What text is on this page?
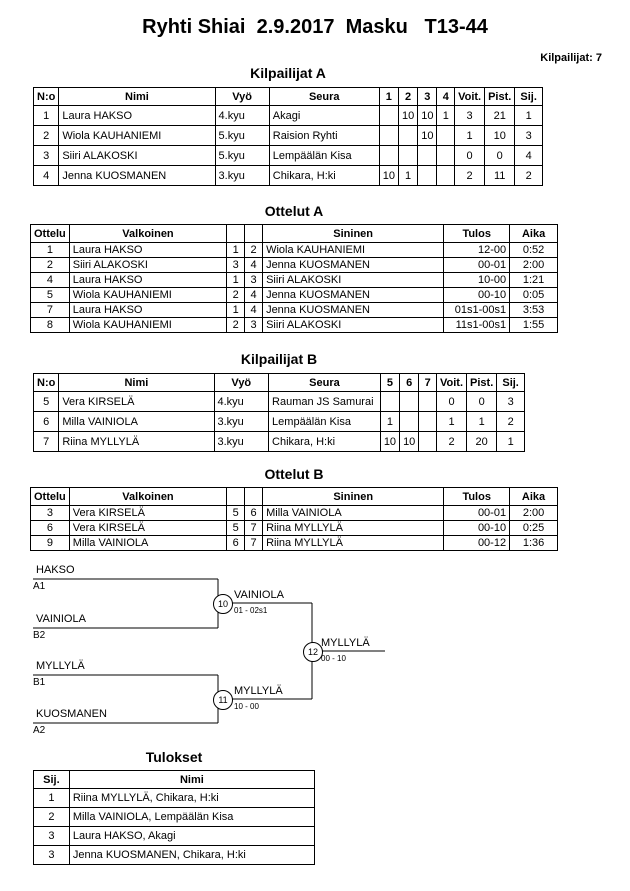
Ryhti Shiai  2.9.2017  Masku   T13-44
Kilpailijat: 7
Kilpailijat A
N:o	Nimi	Vyö	Seura	1	2	3	4	Voit.	Pist.	Sij.
1	Laura HAKSO	4.kyu	Akagi		10	10	1	3	21	1
2	Wiola KAUHANIEMI	5.kyu	Raision Ryhti			10		1	10	3
3	Siiri ALAKOSKI	5.kyu	Lempäälän Kisa					0	0	4
4	Jenna KUOSMANEN	3.kyu	Chikara, H:ki	10	1			2	11	2
Ottelut A
Ottelu	Valkoinen			Sininen	Tulos	Aika
1	Laura HAKSO	1	2	Wiola KAUHANIEMI	12-00	0:52
2	Siiri ALAKOSKI	3	4	Jenna KUOSMANEN	00-01	2:00
4	Laura HAKSO	1	3	Siiri ALAKOSKI	10-00	1:21
5	Wiola KAUHANIEMI	2	4	Jenna KUOSMANEN	00-10	0:05
7	Laura HAKSO	1	4	Jenna KUOSMANEN	01s1-00s1	3:53
8	Wiola KAUHANIEMI	2	3	Siiri ALAKOSKI	11s1-00s1	1:55
Kilpailijat B
N:o	Nimi	Vyö	Seura	5	6	7	Voit.	Pist.	Sij.
5	Vera KIRSELÄ	4.kyu	Rauman JS Samurai				0	0	3
6	Milla VAINIOLA	3.kyu	Lempäälän Kisa	1			1	1	2
7	Riina MYLLYLÄ	3.kyu	Chikara, H:ki	10	10		2	20	1
Ottelut B
Ottelu	Valkoinen			Sininen	Tulos	Aika
3	Vera KIRSELÄ	5	6	Milla VAINIOLA	00-01	2:00
6	Vera KIRSELÄ	5	7	Riina MYLLYLÄ	00-10	0:25
9	Milla VAINIOLA	6	7	Riina MYLLYLÄ	00-12	1:36
HAKSO
A1
VAINIOLA
B2
MYLLYLÄ
B1
KUOSMANEN
A2
10
VAINIOLA
01 - 02s1
11
MYLLYLÄ
10 - 00
12
MYLLYLÄ
00 - 10
Tulokset
Sij.	Nimi
1	Riina MYLLYLÄ, Chikara, H:ki
2	Milla VAINIOLA, Lempäälän Kisa
3	Laura HAKSO, Akagi
3	Jenna KUOSMANEN, Chikara, H:ki
